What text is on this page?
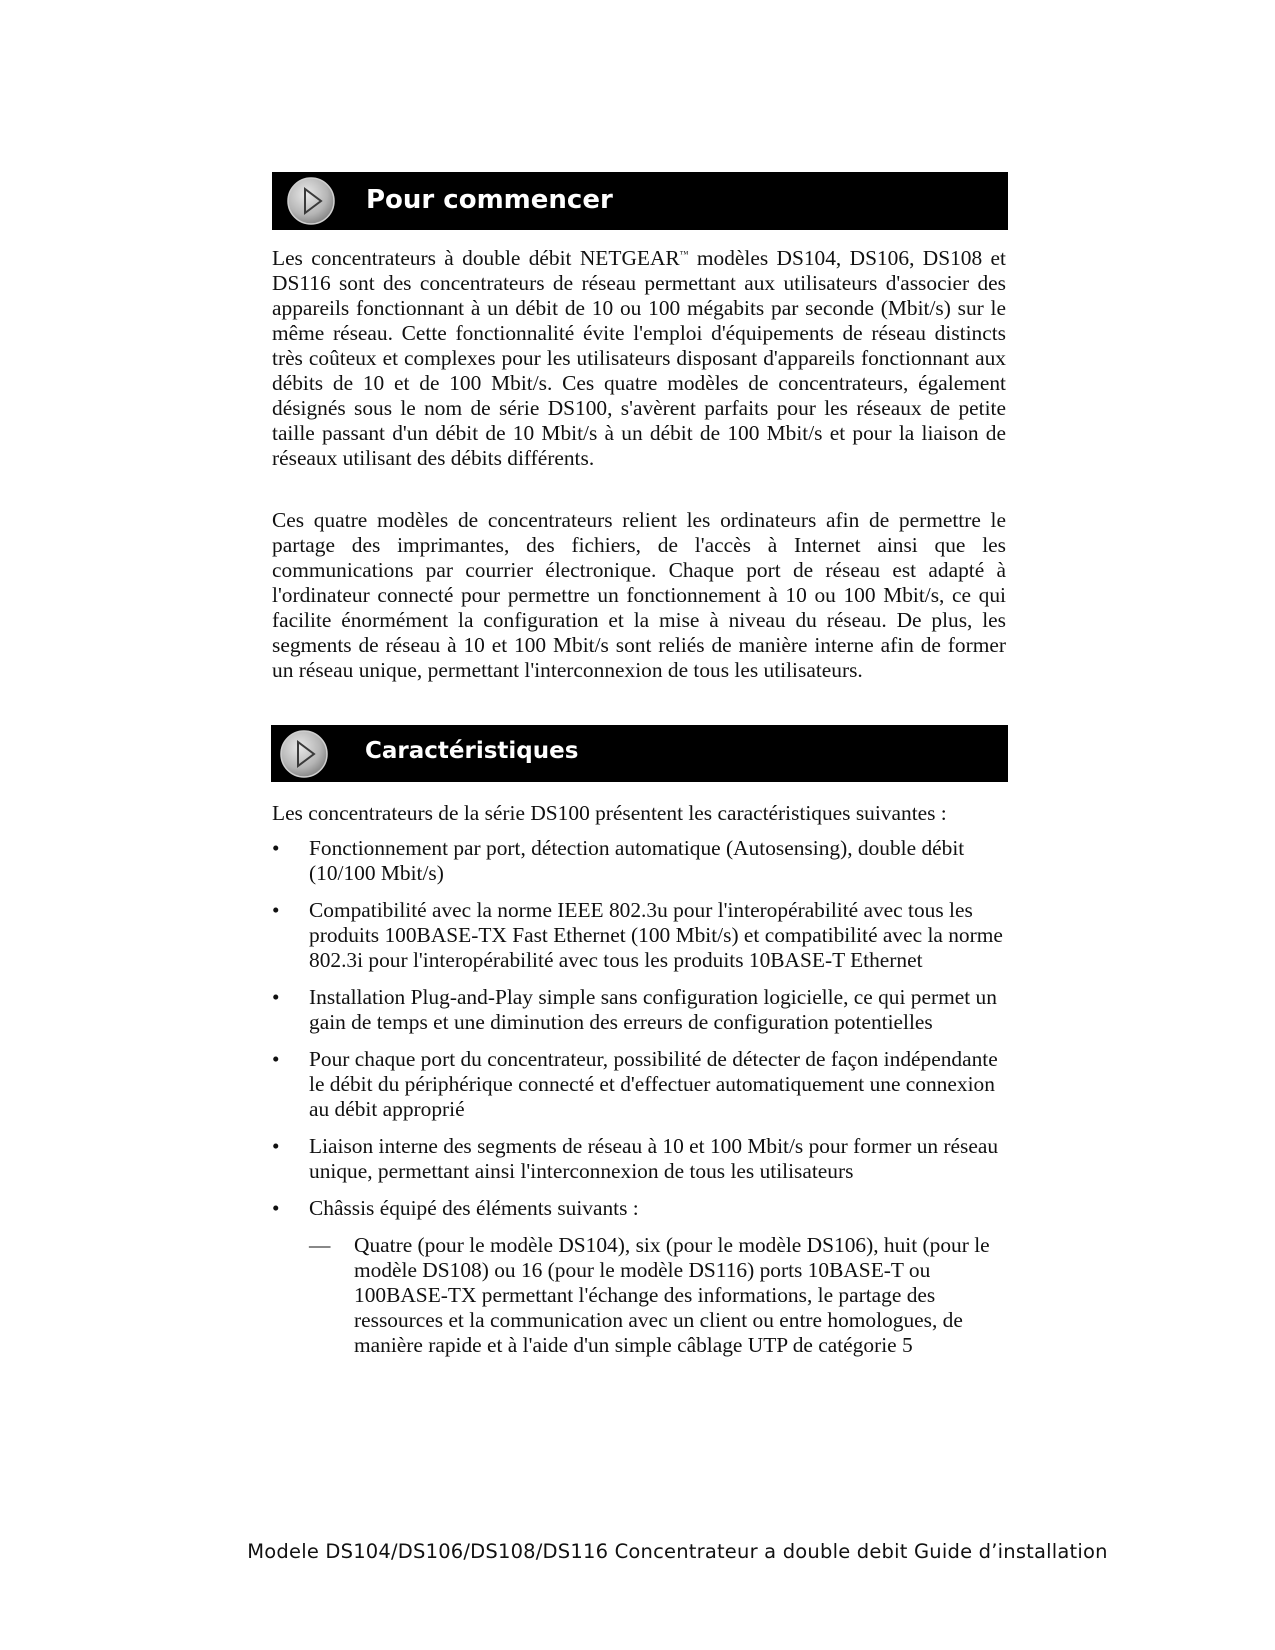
Pour commencer

Les concentrateurs à double débit NETGEAR™ modèles DS104, DS106, DS108 et DS116 sont des concentrateurs de réseau permettant aux utilisateurs d'associer des appareils fonctionnant à un débit de 10 ou 100 mégabits par seconde (Mbit/s) sur le même réseau. Cette fonctionnalité évite l'emploi d'équipements de réseau distincts très coûteux et complexes pour les utilisateurs disposant d'appareils fonctionnant aux débits de 10 et de 100 Mbit/s. Ces quatre modèles de concentrateurs, également désignés sous le nom de série DS100, s'avèrent parfaits pour les réseaux de petite taille passant d'un débit de 10 Mbit/s à un débit de 100 Mbit/s et pour la liaison de réseaux utilisant des débits différents.

Ces quatre modèles de concentrateurs relient les ordinateurs afin de permettre le partage des imprimantes, des fichiers, de l'accès à Internet ainsi que les communications par courrier électronique. Chaque port de réseau est adapté à l'ordinateur connecté pour permettre un fonctionnement à 10 ou 100 Mbit/s, ce qui facilite énormément la configuration et la mise à niveau du réseau. De plus, les segments de réseau à 10 et 100 Mbit/s sont reliés de manière interne afin de former un réseau unique, permettant l'interconnexion de tous les utilisateurs.

Caractéristiques

Les concentrateurs de la série DS100 présentent les caractéristiques suivantes :

• Fonctionnement par port, détection automatique (Autosensing), double débit (10/100 Mbit/s)
• Compatibilité avec la norme IEEE 802.3u pour l'interopérabilité avec tous les produits 100BASE-TX Fast Ethernet (100 Mbit/s) et compatibilité avec la norme 802.3i pour l'interopérabilité avec tous les produits 10BASE-T Ethernet
• Installation Plug-and-Play simple sans configuration logicielle, ce qui permet un gain de temps et une diminution des erreurs de configuration potentielles
• Pour chaque port du concentrateur, possibilité de détecter de façon indépendante le débit du périphérique connecté et d'effectuer automatiquement une connexion au débit approprié
• Liaison interne des segments de réseau à 10 et 100 Mbit/s pour former un réseau unique, permettant ainsi l'interconnexion de tous les utilisateurs
• Châssis équipé des éléments suivants :
— Quatre (pour le modèle DS104), six (pour le modèle DS106), huit (pour le modèle DS108) ou 16 (pour le modèle DS116) ports 10BASE-T ou 100BASE-TX permettant l'échange des informations, le partage des ressources et la communication avec un client ou entre homologues, de manière rapide et à l'aide d'un simple câblage UTP de catégorie 5
Modele DS104/DS106/DS108/DS116 Concentrateur a double debit Guide d’installation
